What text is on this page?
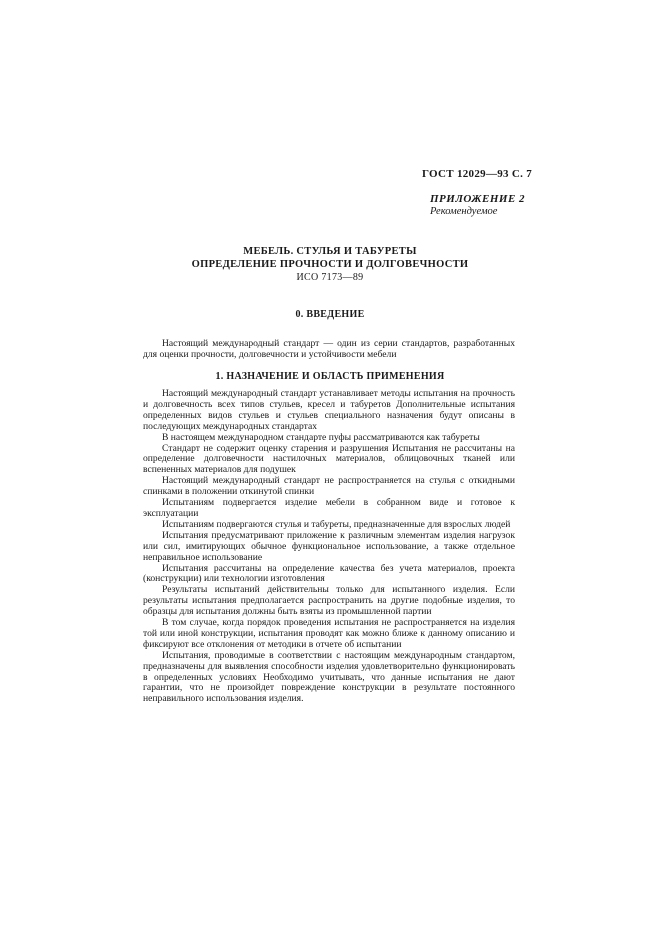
ГОСТ 12029—93 С. 7
ПРИЛОЖЕНИЕ 2
Рекомендуемое
МЕБЕЛЬ. СТУЛЬЯ И ТАБУРЕТЫ
ОПРЕДЕЛЕНИЕ ПРОЧНОСТИ И ДОЛГОВЕЧНОСТИ
ИСО 7173—89
0. ВВЕДЕНИЕ

Настоящий международный стандарт — один из серии стандартов, разработанных для оценки прочности, долговечности и устойчивости мебели

1. НАЗНАЧЕНИЕ И ОБЛАСТЬ ПРИМЕНЕНИЯ

Настоящий международный стандарт устанавливает методы испытания на прочность и долговечность всех типов стульев, кресел и табуретов Дополнительные испытания определенных видов стульев и стульев специального назначения будут описаны в последующих международных стандартах

В настоящем международном стандарте пуфы рассматриваются как табуреты

Стандарт не содержит оценку старения и разрушения Испытания не рассчитаны на определение долговечности настилочных материалов, облицовочных тканей или вспененных материалов для подушек

Настоящий международный стандарт не распространяется на стулья с откидными спинками в положении откинутой спинки

Испытаниям подвергается изделие мебели в собранном виде и готовое к эксплуатации

Испытаниям подвергаются стулья и табуреты, предназначенные для взрослых людей

Испытания предусматривают приложение к различным элементам изделия нагрузок или сил, имитирующих обычное функциональное использование, а также отдельное неправильное использование

Испытания рассчитаны на определение качества без учета материалов, проекта (конструкции) или технологии изготовления

Результаты испытаний действительны только для испытанного изделия. Если результаты испытания предполагается распространить на другие подобные изделия, то образцы для испытания должны быть взяты из промышленной партии

В том случае, когда порядок проведения испытания не распространяется на изделия той или иной конструкции, испытания проводят как можно ближе к данному описанию и фиксируют все отклонения от методики в отчете об испытании

Испытания, проводимые в соответствии с настоящим международным стандартом, предназначены для выявления способности изделия удовлетворительно функционировать в определенных условиях Необходимо учитывать, что данные испытания не дают гарантии, что не произойдет повреждение конструкции в результате постоянного неправильного использования изделия.
